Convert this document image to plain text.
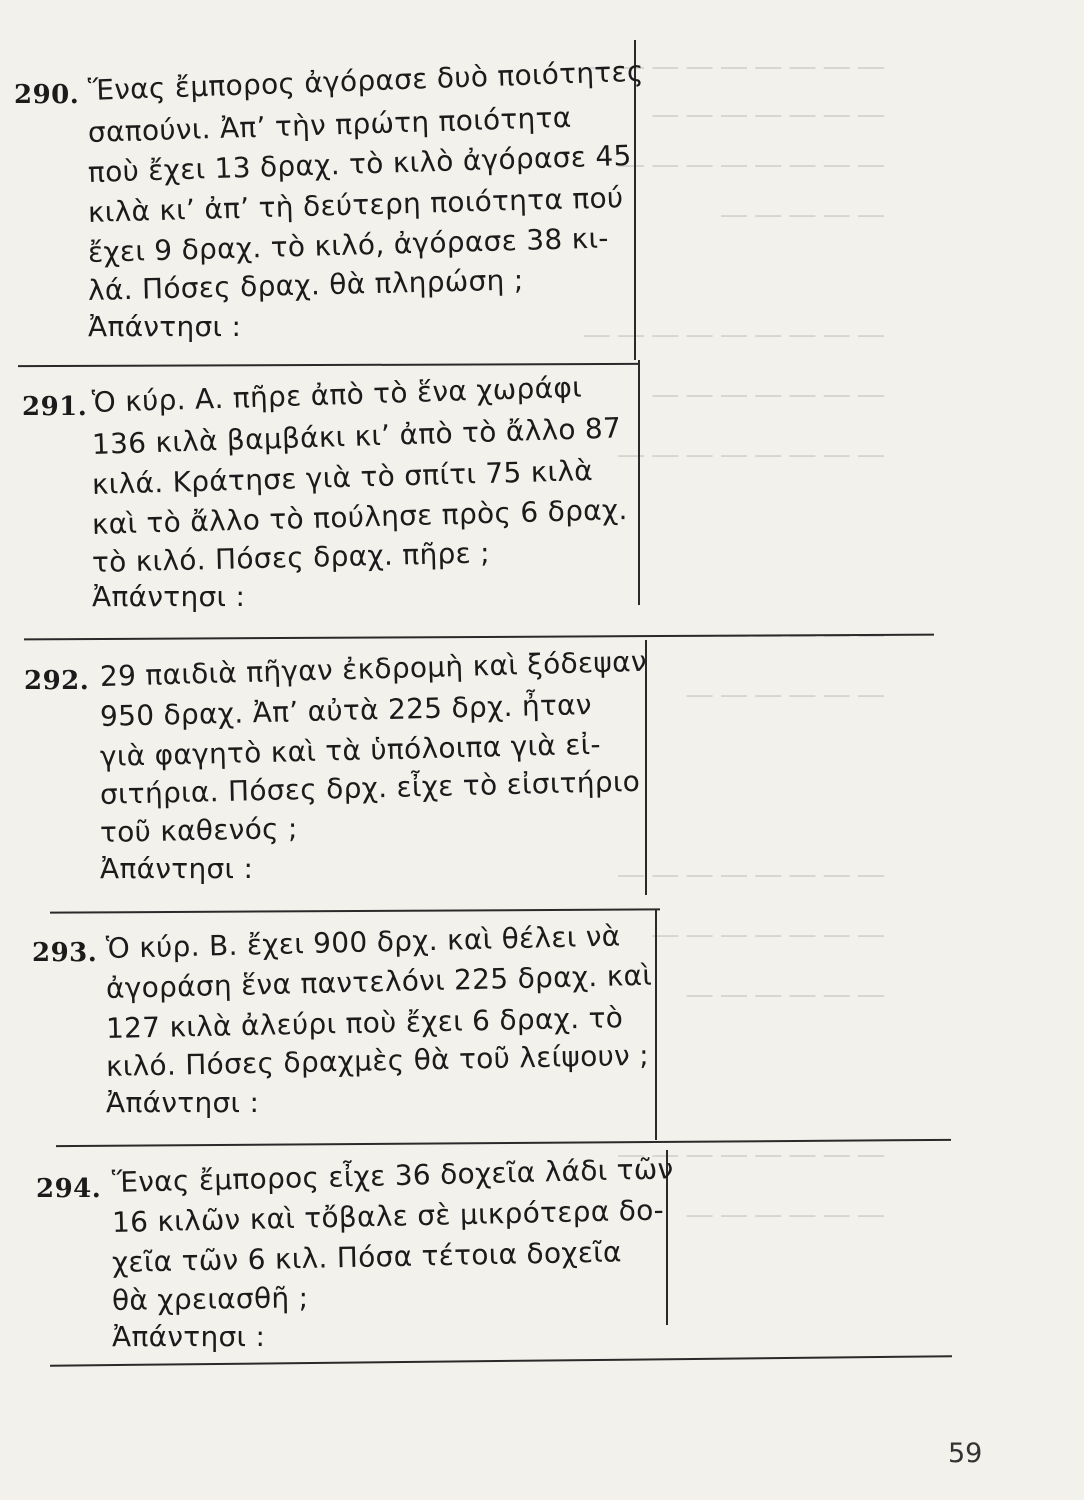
― ― ― ― ― ― ― ― ―
― ― ― ― ― ― ―
― ― ― ― ― ― ― ―
― ― ― ― ―
― ― ― ― ― ― ― ― ―
― ― ― ― ― ― ―
― ― ― ― ― ― ― ―
― ― ― ― ― ― ― ―
― ― ― ― ― ―
― ― ― ― ― ― ― ―
― ― ― ― ― ― ―
― ― ― ― ― ―
― ― ― ― ― ― ― ―
― ― ― ― ― ―
290. Ἕνας ἔμπορος ἀγόρασε δυὸ ποιότητες
σαπούνι. Ἀπ’ τὴν πρώτη ποιότητα
ποὺ ἔχει 13 δραχ. τὸ κιλὸ ἀγόρασε 45
κιλὰ κι’ ἀπ’ τὴ δεύτερη ποιότητα πού
ἔχει 9 δραχ. τὸ κιλό, ἀγόρασε 38 κι-
λά. Πόσες δραχ. θὰ πληρώση ;
Ἀπάντησι :
291. Ὁ κύρ. Α. πῆρε ἀπὸ τὸ ἕνα χωράφι
136 κιλὰ βαμβάκι κι’ ἀπὸ τὸ ἄλλο 87
κιλά. Κράτησε γιὰ τὸ σπίτι 75 κιλὰ
καὶ τὸ ἄλλο τὸ πούλησε πρὸς 6 δραχ.
τὸ κιλό. Πόσες δραχ. πῆρε ;
Ἀπάντησι :
292. 29 παιδιὰ πῆγαν ἐκδρομὴ καὶ ξόδεψαν
950 δραχ. Ἀπ’ αὐτὰ 225 δρχ. ἦταν
γιὰ φαγητὸ καὶ τὰ ὑπόλοιπα γιὰ εἰ-
σιτήρια. Πόσες δρχ. εἶχε τὸ εἰσιτήριο
τοῦ καθενός ;
Ἀπάντησι :
293. Ὁ κύρ. Β. ἔχει 900 δρχ. καὶ θέλει νὰ
ἀγοράση ἕνα παντελόνι 225 δραχ. καὶ
127 κιλὰ ἀλεύρι ποὺ ἔχει 6 δραχ. τὸ
κιλό. Πόσες δραχμὲς θὰ τοῦ λείψουν ;
Ἀπάντησι :
294. Ἕνας ἔμπορος εἶχε 36 δοχεῖα λάδι τῶν
16 κιλῶν καὶ τὄβαλε σὲ μικρότερα δο-
χεῖα τῶν 6 κιλ. Πόσα τέτοια δοχεῖα
θὰ χρειασθῆ ;
Ἀπάντησι :
59
